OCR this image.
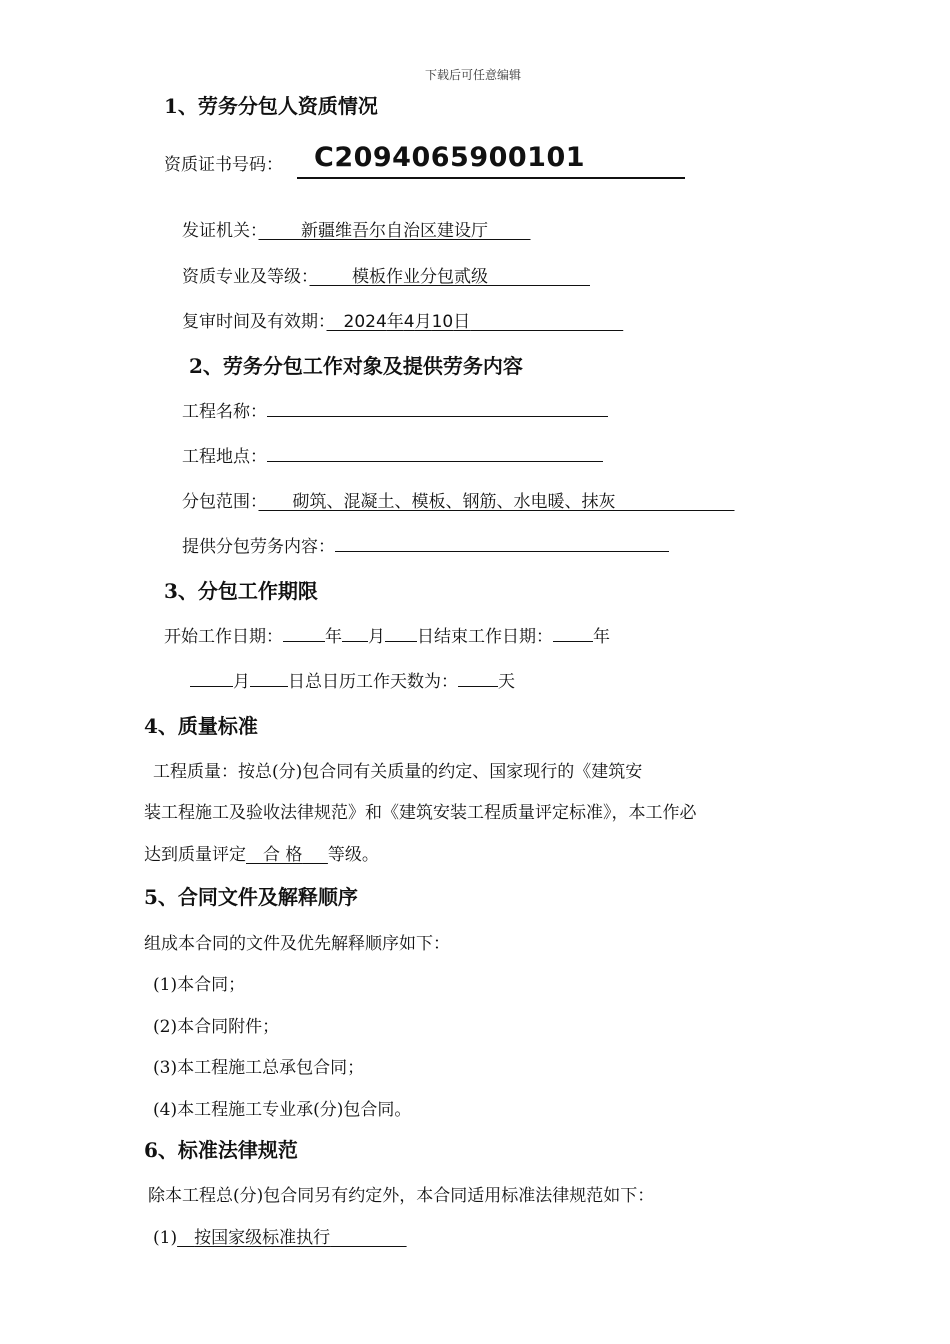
下载后可任意编辑
1、劳务分包人资质情况
资质证书号码： C2094065900101
发证机关：　　 	新疆维吾尔自治区建设厅　　 
资质专业及等级：　　 	模板作业分包贰级　　　　　　
复审时间及有效期：　 2024年4月10日　　　　　　　　　
2、劳务分包工作对象及提供劳务内容
工程名称：
工程地点：
分包范围：　　 砌筑、混凝土、模板、钢筋、水电暖、抹灰　　　　　　　
提供分包劳务内容：
3、分包工作期限
开始工作日期： 年 月 日结束工作日期： 年
月 日总日历工作天数为： 天
4、质量标准
工程质量：按总(分)包合同有关质量的约定、国家现行的《建筑安
装工程施工及验收法律规范》和《建筑安装工程质量评定标准》，本工作必
达到质量评定   合 格    等级。
5、合同文件及解释顺序
组成本合同的文件及优先解释顺序如下：
(1)本合同；
(2)本合同附件；
(3)本工程施工总承包合同；
(4)本工程施工专业承(分)包合同。
6、标准法律规范
除本工程总(分)包合同另有约定外，本合同适用标准法律规范如下：
(1)   按国家级标准执行　　　　 
